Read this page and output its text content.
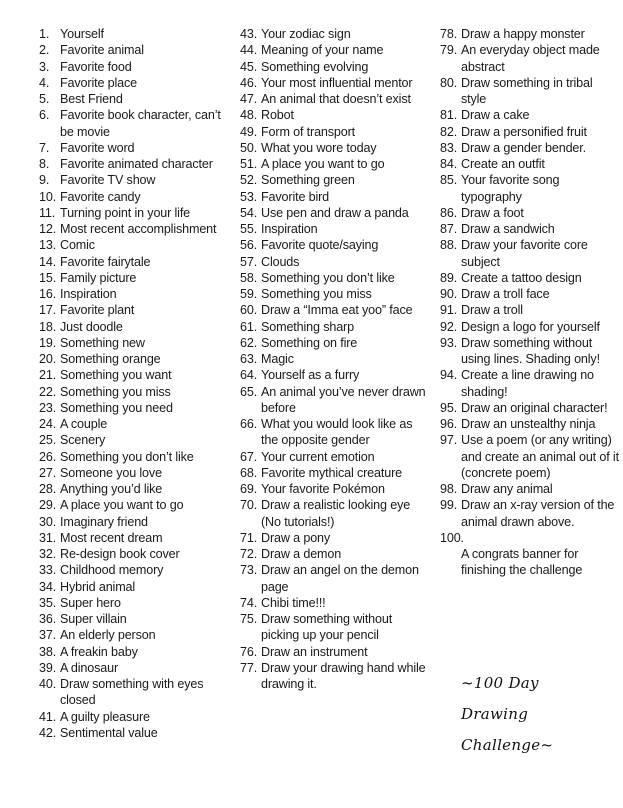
1. Yourself
2. Favorite animal
3. Favorite food
4. Favorite place
5. Best Friend
6. Favorite book character, can’t be movie
7. Favorite word
8. Favorite animated character
9. Favorite TV show
10. Favorite candy
11. Turning point in your life
12. Most recent accomplishment
13. Comic
14. Favorite fairytale
15. Family picture
16. Inspiration
17. Favorite plant
18. Just doodle
19. Something new
20. Something orange
21. Something you want
22. Something you miss
23. Something you need
24. A couple
25. Scenery
26. Something you don’t like
27. Someone you love
28. Anything you’d like
29. A place you want to go
30. Imaginary friend
31. Most recent dream
32. Re-design book cover
33. Childhood memory
34. Hybrid animal
35. Super hero
36. Super villain
37. An elderly person
38. A freakin baby
39. A dinosaur
40. Draw something with eyes closed
41. A guilty pleasure
42. Sentimental value
43. Your zodiac sign
44. Meaning of your name
45. Something evolving
46. Your most influential mentor
47. An animal that doesn’t exist
48. Robot
49. Form of transport
50. What you wore today
51. A place you want to go
52. Something green
53. Favorite bird
54. Use pen and draw a panda
55. Inspiration
56. Favorite quote/saying
57. Clouds
58. Something you don’t like
59. Something you miss
60. Draw a “Imma eat yoo” face
61. Something sharp
62. Something on fire
63. Magic
64. Yourself as a furry
65. An animal you’ve never drawn before
66. What you would look like as the opposite gender
67. Your current emotion
68. Favorite mythical creature
69. Your favorite Pokémon
70. Draw a realistic looking eye (No tutorials!)
71. Draw a pony
72. Draw a demon
73. Draw an angel on the demon page
74. Chibi time!!!
75. Draw something without picking up your pencil
76. Draw an instrument
77. Draw your drawing hand while drawing it.
78. Draw a happy monster
79. An everyday object made abstract
80. Draw something in tribal style
81. Draw a cake
82. Draw a personified fruit
83. Draw a gender bender.
84. Create an outfit
85. Your favorite song typography
86. Draw a foot
87. Draw a sandwich
88. Draw your favorite core subject
89. Create a tattoo design
90. Draw a troll face
91. Draw a troll
92. Design a logo for yourself
93. Draw something without using lines. Shading only!
94. Create a line drawing no shading!
95. Draw an original character!
96. Draw an unstealthy ninja
97. Use a poem (or any writing) and create an animal out of it (concrete poem)
98. Draw any animal
99. Draw an x-ray version of the animal drawn above.
100.
A congrats banner for finishing the challenge
~100 Day
Drawing
Challenge~
